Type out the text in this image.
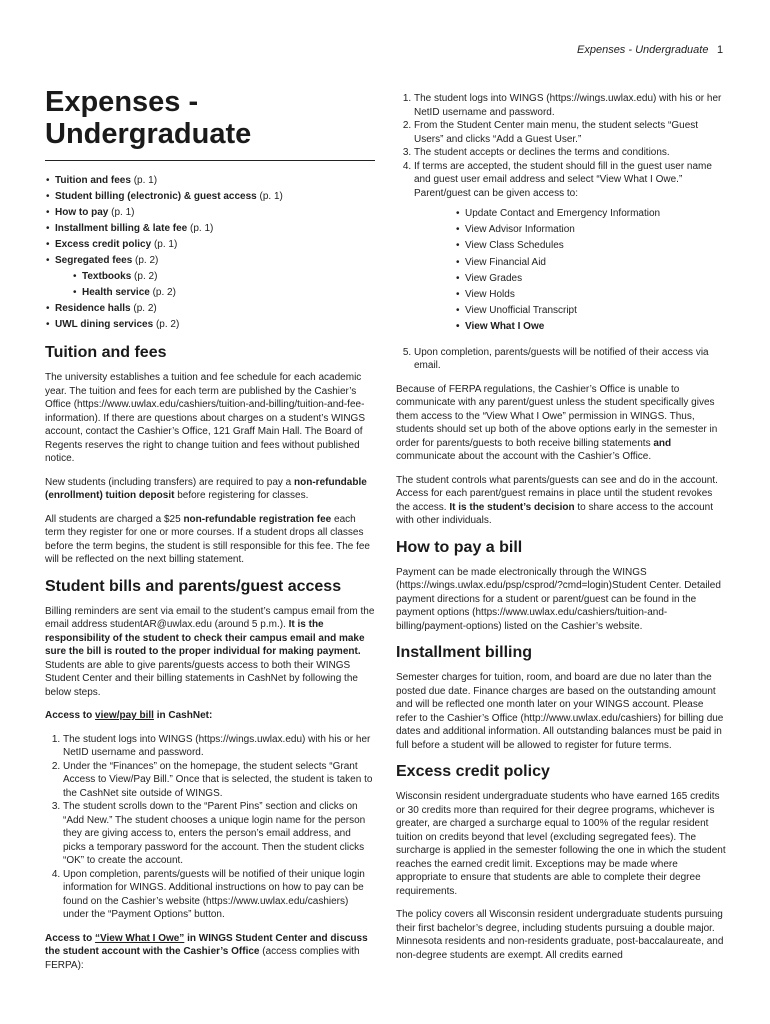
Expenses - Undergraduate 1
Expenses -
Undergraduate
• Tuition and fees (p. 1)
• Student billing (electronic) & guest access (p. 1)
• How to pay (p. 1)
• Installment billing & late fee (p. 1)
• Excess credit policy (p. 1)
• Segregated fees (p. 2)
• Textbooks (p. 2)
• Health service (p. 2)
• Residence halls (p. 2)
• UWL dining services (p. 2)
Tuition and fees

The university establishes a tuition and fee schedule for each academic year. The tuition and fees for each term are published by the Cashier’s Office (https://www.uwlax.edu/cashiers/tuition-and-billing/tuition-and-fee-information). If there are questions about charges on a student’s WINGS account, contact the Cashier’s Office, 121 Graff Main Hall. The Board of Regents reserves the right to change tuition and fees without published notice.

New students (including transfers) are required to pay a non-refundable (enrollment) tuition deposit before registering for classes.

All students are charged a $25 non-refundable registration fee each term they register for one or more courses. If a student drops all classes before the term begins, the student is still responsible for this fee. The fee will be reflected on the next billing statement.

Student bills and parents/guest access

Billing reminders are sent via email to the student’s campus email from the email address studentAR@uwlax.edu (around 5 p.m.). It is the responsibility of the student to check their campus email and make sure the bill is routed to the proper individual for making payment. Students are able to give parents/guests access to both their WINGS Student Center and their billing statements in CashNet by following the below steps.

Access to view/pay bill in CashNet:
1. The student logs into WINGS (https://wings.uwlax.edu) with his or her NetID username and password.
2. Under the “Finances” on the homepage, the student selects “Grant Access to View/Pay Bill.” Once that is selected, the student is taken to the CashNet site outside of WINGS.
3. The student scrolls down to the “Parent Pins” section and clicks on “Add New.” The student chooses a unique login name for the person they are giving access to, enters the person’s email address, and picks a temporary password for the account. Then the student clicks “OK” to create the account.
4. Upon completion, parents/guests will be notified of their unique login information for WINGS. Additional instructions on how to pay can be found on the Cashier’s website (https://www.uwlax.edu/cashiers) under the “Payment Options” button.

Access to “View What I Owe” in WINGS Student Center and discuss the student account with the Cashier’s Office (access complies with FERPA):

1. The student logs into WINGS (https://wings.uwlax.edu) with his or her NetID username and password.
2. From the Student Center main menu, the student selects “Guest Users” and clicks “Add a Guest User.”
3. The student accepts or declines the terms and conditions.
4. If terms are accepted, the student should fill in the guest user name and guest user email address and select “View What I Owe.” Parent/guest can be given access to:
• Update Contact and Emergency Information
• View Advisor Information
• View Class Schedules
• View Financial Aid
• View Grades
• View Holds
• View Unofficial Transcript
• View What I Owe
5. Upon completion, parents/guests will be notified of their access via email.

Because of FERPA regulations, the Cashier’s Office is unable to communicate with any parent/guest unless the student specifically gives them access to the “View What I Owe” permission in WINGS. Thus, students should set up both of the above options early in the semester in order for parents/guests to both receive billing statements and communicate about the account with the Cashier’s Office.

The student controls what parents/guests can see and do in the account. Access for each parent/guest remains in place until the student revokes the access. It is the student’s decision to share access to the account with other individuals.

How to pay a bill

Payment can be made electronically through the WINGS (https://wings.uwlax.edu/psp/csprod/?cmd=login)Student Center. Detailed payment directions for a student or parent/guest can be found in the payment options (https://www.uwlax.edu/cashiers/tuition-and-billing/payment-options) listed on the Cashier’s website.

Installment billing

Semester charges for tuition, room, and board are due no later than the posted due date. Finance charges are based on the outstanding amount and will be reflected one month later on your WINGS account. Please refer to the Cashier’s Office (http://www.uwlax.edu/cashiers) for billing due dates and additional information. All outstanding balances must be paid in full before a student will be allowed to register for future terms.

Excess credit policy

Wisconsin resident undergraduate students who have earned 165 credits or 30 credits more than required for their degree programs, whichever is greater, are charged a surcharge equal to 100% of the regular resident tuition on credits beyond that level (excluding segregated fees). The surcharge is applied in the semester following the one in which the student reaches the earned credit limit. Exceptions may be made where appropriate to ensure that students are able to complete their degree requirements.

The policy covers all Wisconsin resident undergraduate students pursuing their first bachelor’s degree, including students pursuing a double major. Minnesota residents and non-residents graduate, post-baccalaureate, and non-degree students are exempt. All credits earned
